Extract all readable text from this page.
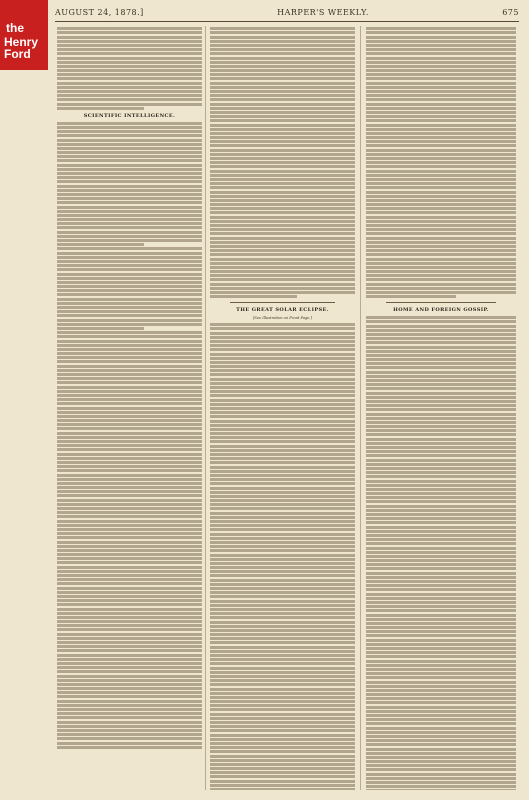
the
Henry Ford
AUGUST 24, 1878.]	HARPER'S WEEKLY.	675
SCIENTIFIC INTELLIGENCE.
THE GREAT SOLAR ECLIPSE.
[See Illustration on Front Page.]
HOME AND FOREIGN GOSSIP.
